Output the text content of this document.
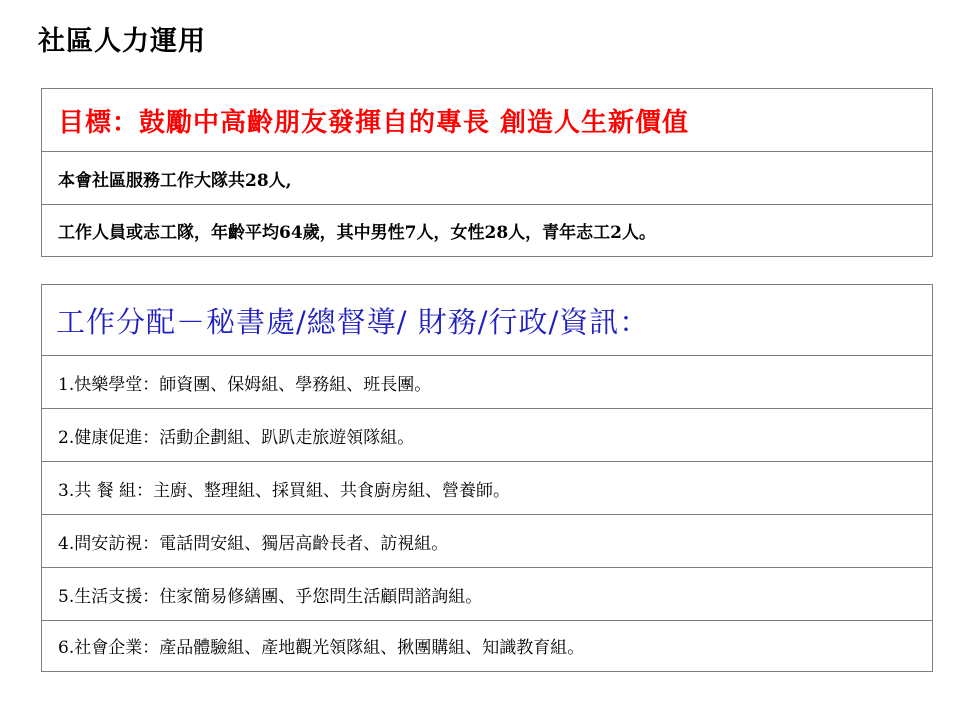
社區人力運用
目標：鼓勵中高齡朋友發揮自的專長 創造人生新價值
本會社區服務工作大隊共28人,
工作人員或志工隊，年齡平均64歲，其中男性7人，女性28人，青年志工2人。
工作分配－秘書處/總督導/ 財務/行政/資訊：
1.快樂學堂：師資團、保姆組、學務組、班長團。
2.健康促進：活動企劃組、趴趴走旅遊領隊組。
3.共 餐 組：主廚、整理組、採買組、共食廚房組、營養師。
4.問安訪視：電話問安組、獨居高齡長者、訪視組。
5.生活支援：住家簡易修繕團、乎您問生活顧問諮詢組。
6.社會企業：產品體驗組、產地觀光領隊組、揪團購組、知識教育組。
